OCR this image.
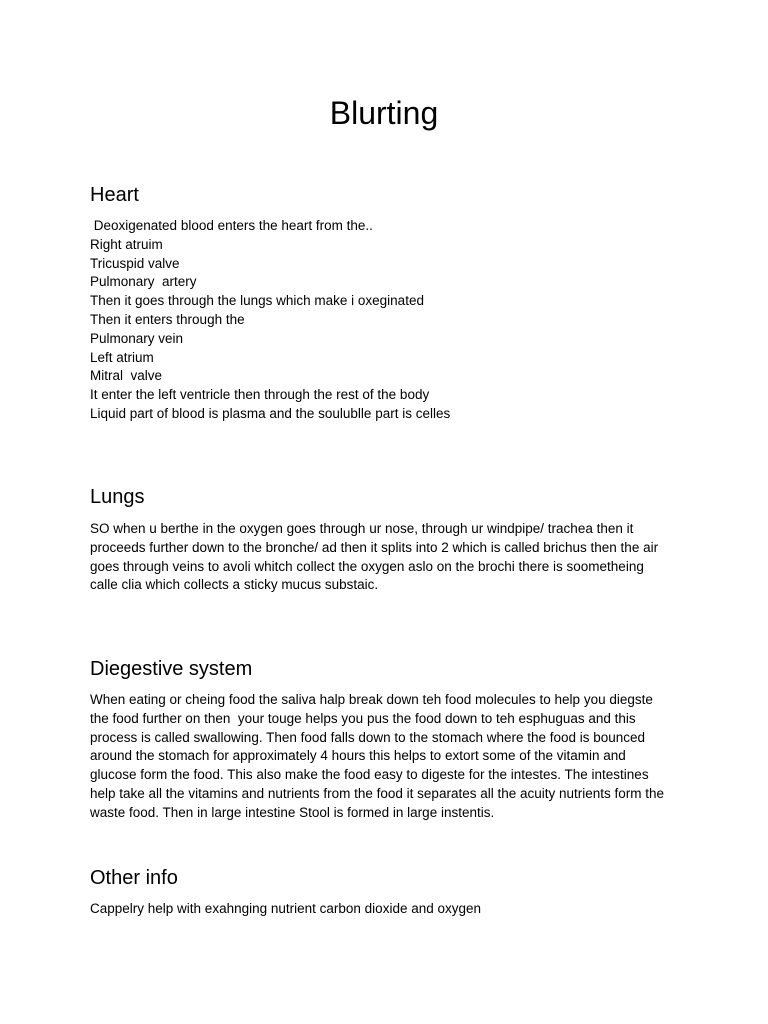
Blurting
Heart
Deoxigenated blood enters the heart from the..
Right atruim
Tricuspid valve
Pulmonary  artery
Then it goes through the lungs which make i oxeginated
Then it enters through the
Pulmonary vein
Left atrium
Mitral  valve
It enter the left ventricle then through the rest of the body
Liquid part of blood is plasma and the soulublle part is celles
Lungs
SO when u berthe in the oxygen goes through ur nose, through ur windpipe/ trachea then it
proceeds further down to the bronche/ ad then it splits into 2 which is called brichus then the air
goes through veins to avoli whitch collect the oxygen aslo on the brochi there is soometheing
calle clia which collects a sticky mucus substaic.
Diegestive system
When eating or cheing food the saliva halp break down teh food molecules to help you diegste
the food further on then  your touge helps you pus the food down to teh esphuguas and this
process is called swallowing. Then food falls down to the stomach where the food is bounced
around the stomach for approximately 4 hours this helps to extort some of the vitamin and
glucose form the food. This also make the food easy to digeste for the intestes. The intestines
help take all the vitamins and nutrients from the food it separates all the acuity nutrients form the
waste food. Then in large intestine Stool is formed in large instentis.
Other info
Cappelry help with exahnging nutrient carbon dioxide and oxygen
